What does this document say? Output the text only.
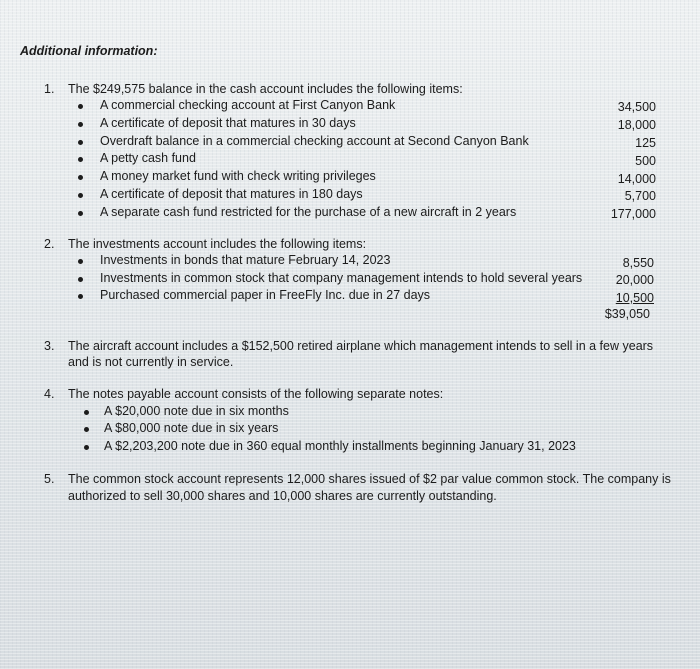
Additional information:
1. The $249,575 balance in the cash account includes the following items:
A commercial checking account at First Canyon Bank	34,500
A certificate of deposit that matures in 30 days	18,000
Overdraft balance in a commercial checking account at Second Canyon Bank	125
A petty cash fund	500
A money market fund with check writing privileges	14,000
A certificate of deposit that matures in 180 days	5,700
A separate cash fund restricted for the purchase of a new aircraft in 2 years	177,000
2. The investments account includes the following items:
Investments in bonds that mature February 14, 2023	8,550
Investments in common stock that company management intends to hold several years	20,000
Purchased commercial paper in FreeFly Inc. due in 27 days	10,500
$39,050
3. The aircraft account includes a $152,500 retired airplane which management intends to sell in a few years
and is not currently in service.
4. The notes payable account consists of the following separate notes:
A $20,000 note due in six months
A $80,000 note due in six years
A $2,203,200 note due in 360 equal monthly installments beginning January 31, 2023
5. The common stock account represents 12,000 shares issued of $2 par value common stock. The company is
authorized to sell 30,000 shares and 10,000 shares are currently outstanding.
